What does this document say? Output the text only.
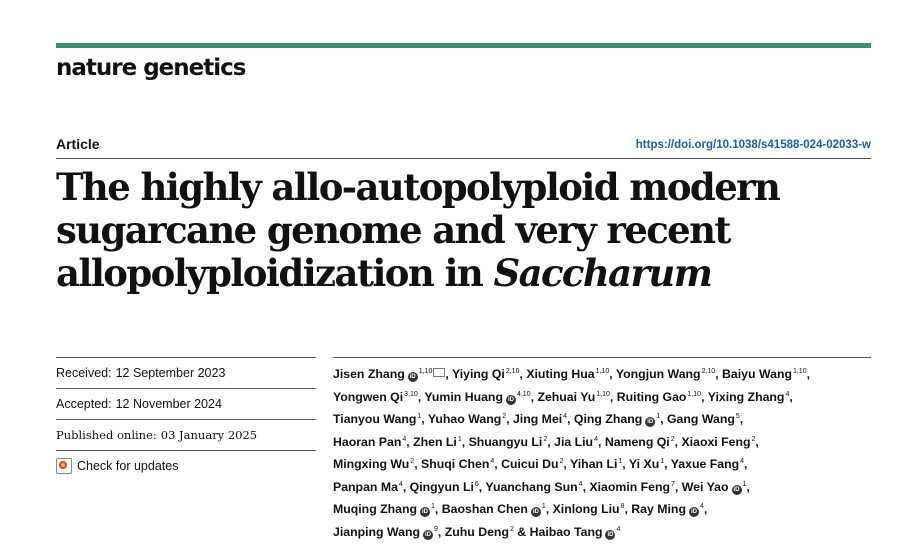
nature genetics
Article	https://doi.org/10.1038/s41588-024-02033-w
The highly allo-autopolyploid modern
sugarcane genome and very recent
allopolyploidization in Saccharum
Received: 12 September 2023
Accepted: 12 November 2024
Published online: 03 January 2025
Check for updates
Jisen Zhang iD$^{1,10}$ , Yiying Qi$^{2,10}$, Xiuting Hua$^{1,10}$, Yongjun Wang$^{2,10}$, Baiyu Wang$^{1,10}$,
Yongwen Qi$^{3,10}$, Yumin Huang iD$^{4,10}$, Zehuai Yu$^{1,10}$, Ruiting Gao$^{1,10}$, Yixing Zhang$^4$,
Tianyou Wang$^1$, Yuhao Wang$^2$, Jing Mei$^4$, Qing Zhang $iD^1$, Gang Wang$^5$,
Haoran Pan$^4$, Zhen Li$^1$, Shuangyu Li$^2$, Jia Liu$^4$, Nameng Qi$^2$, Xiaoxi Feng$^2$,
Mingxing Wu$^2$, Shuqi Chen$^4$, Cuicui Du$^2$, Yihan Li$^1$, Yi Xu$^1$, Yaxue Fang$^4$,
Panpan Ma$^4$, Qingyun Li$^6$, Yuanchang Sun$^4$, Xiaomin Feng$^7$, Wei Yao $iD^1$,
Muqing Zhang $iD^1$, Baoshan Chen $iD^1$, Xinlong Liu$^8$, Ray Ming $iD^4$,
Jianping Wang $iD^9$, Zuhu Deng$^2$ & Haibao Tang $iD^4$
